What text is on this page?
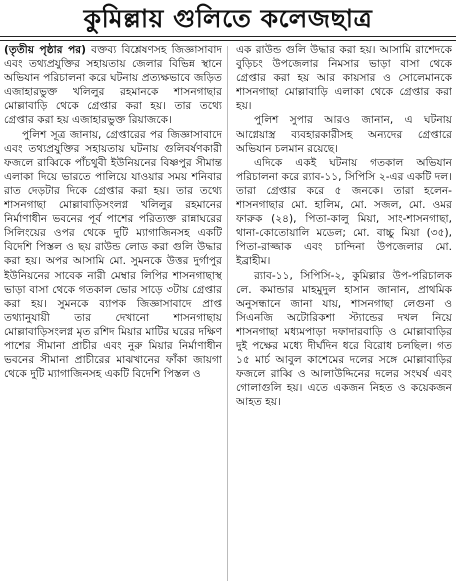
কুমিল্লায় গুলিতে কলেজছাত্র

(তৃতীয় পৃষ্ঠার পর) বক্তব্য বিশ্লেষণসহ জিজ্ঞাসাবাদ এবং তথ্যপ্রযুক্তির সহায়তায় জেলার বিভিন্ন স্থানে অভিযান পরিচালনা করে ঘটনায় প্রত্যক্ষভাবে জড়িত এজাহারভুক্ত খলিলুর রহমানকে শাসনগাছার মোল্লাবাড়ি থেকে গ্রেপ্তার করা হয়। তার তথ্যে গ্রেপ্তার করা হয় এজাহারভুক্ত রিয়াজকে।

পুলিশ সূত্র জানায়, গ্রেপ্তারের পর জিজ্ঞাসাবাদে এবং তথ্যপ্রযুক্তির সহায়তায় ঘটনায় গুলিবর্ষণকারী ফজলে রাব্বিকে পাঁচথুবী ইউনিয়নের বিষ্ণপুর সীমান্ত এলাকা দিয়ে ভারতে পালিয়ে যাওয়ার সময় শনিবার রাত দেড়টার দিকে গ্রেপ্তার করা হয়। তার তথ্যে শাসনগাছা মোল্লাবাড়িসংলগ্ন খলিলুর রহমানের নির্মাণাধীন ভবনের পূর্ব পাশের পরিত্যক্ত রান্নাঘরের সিলিংয়ের ওপর থেকে দুটি ম্যাগাজিনসহ একটি বিদেশি পিস্তল ও ছয় রাউন্ড লোড করা গুলি উদ্ধার করা হয়। অপর আসামি মো. সুমনকে উত্তর দুর্গাপুর ইউনিয়নের সাবেক নারী মেম্বার লিপির শাসনগাছাস্থ ভাড়া বাসা থেকে গতকাল ভোর সাড়ে ৩টায় গ্রেপ্তার করা হয়। সুমনকে ব্যাপক জিজ্ঞাসাবাদে প্রাপ্ত তথ্যানুযায়ী তার দেখানো শাসনগাছায় মোল্লাবাড়িসংলগ্ন মৃত রশিদ মিয়ার মাটির ঘরের দক্ষিণ পাশের সীমানা প্রাচীর এবং নুরু মিয়ার নির্মাণাধীন ভবনের সীমানা প্রাচীরের মাঝখানের ফাঁকা জায়গা থেকে দুটি ম্যাগাজিনসহ একটি বিদেশি পিস্তল ও

এক রাউন্ড গুলি উদ্ধার করা হয়। আসামি রাশেদকে বুড়িচং উপজেলার নিমসার ভাড়া বাসা থেকে গ্রেপ্তার করা হয় আর কায়সার ও সোলেমানকে শাসনগাছা মোল্লাবাড়ি এলাকা থেকে গ্রেপ্তার করা হয়।

পুলিশ সুপার আরও জানান, এ ঘটনায় আগ্নেয়াস্ত্র ব্যবহারকারীসহ অন্যদের গ্রেপ্তারে অভিযান চলমান রয়েছে।

এদিকে একই ঘটনায় গতকাল অভিযান পরিচালনা করে র‍্যাব-১১, সিপিসি ২-এর একটি দল। তারা গ্রেপ্তার করে ৫ জনকে। তারা হলেন- শাসনগাছার মো. হালিম, মো. সজল, মো. ওমর ফারুক (২৪), পিতা-কালু মিয়া, সাং-শাসনগাছা, থানা-কোতোয়ালি মডেল; মো. বাচ্চু মিয়া (৩৫), পিতা-রাজ্জাক এবং চান্দিনা উপজেলার মো. ইব্রাহীম।

র‍্যাব-১১, সিপিসি-২, কুমিল্লার উপ-পরিচালক লে. কমান্ডার মাহমুদুল হাসান জানান, প্রাথমিক অনুসন্ধানে জানা যায়, শাসনগাছা লেগুনা ও সিএনজি অটোরিকশা স্ট্যান্ডের দখল নিয়ে শাসনগাছা মধ্যমপাড়া দফাদারবাড়ি ও মোল্লাবাড়ির দুই পক্ষের মধ্যে দীর্ঘদিন ধরে বিরোধ চলছিল। গত ১৫ মার্চ আবুল কাশেমের দলের সঙ্গে মোল্লাবাড়ির ফজলে রাব্বি ও আলাউদ্দিনের দলের সংঘর্ষ এবং গোলাগুলি হয়। এতে একজন নিহত ও কয়েকজন আহত হয়।
